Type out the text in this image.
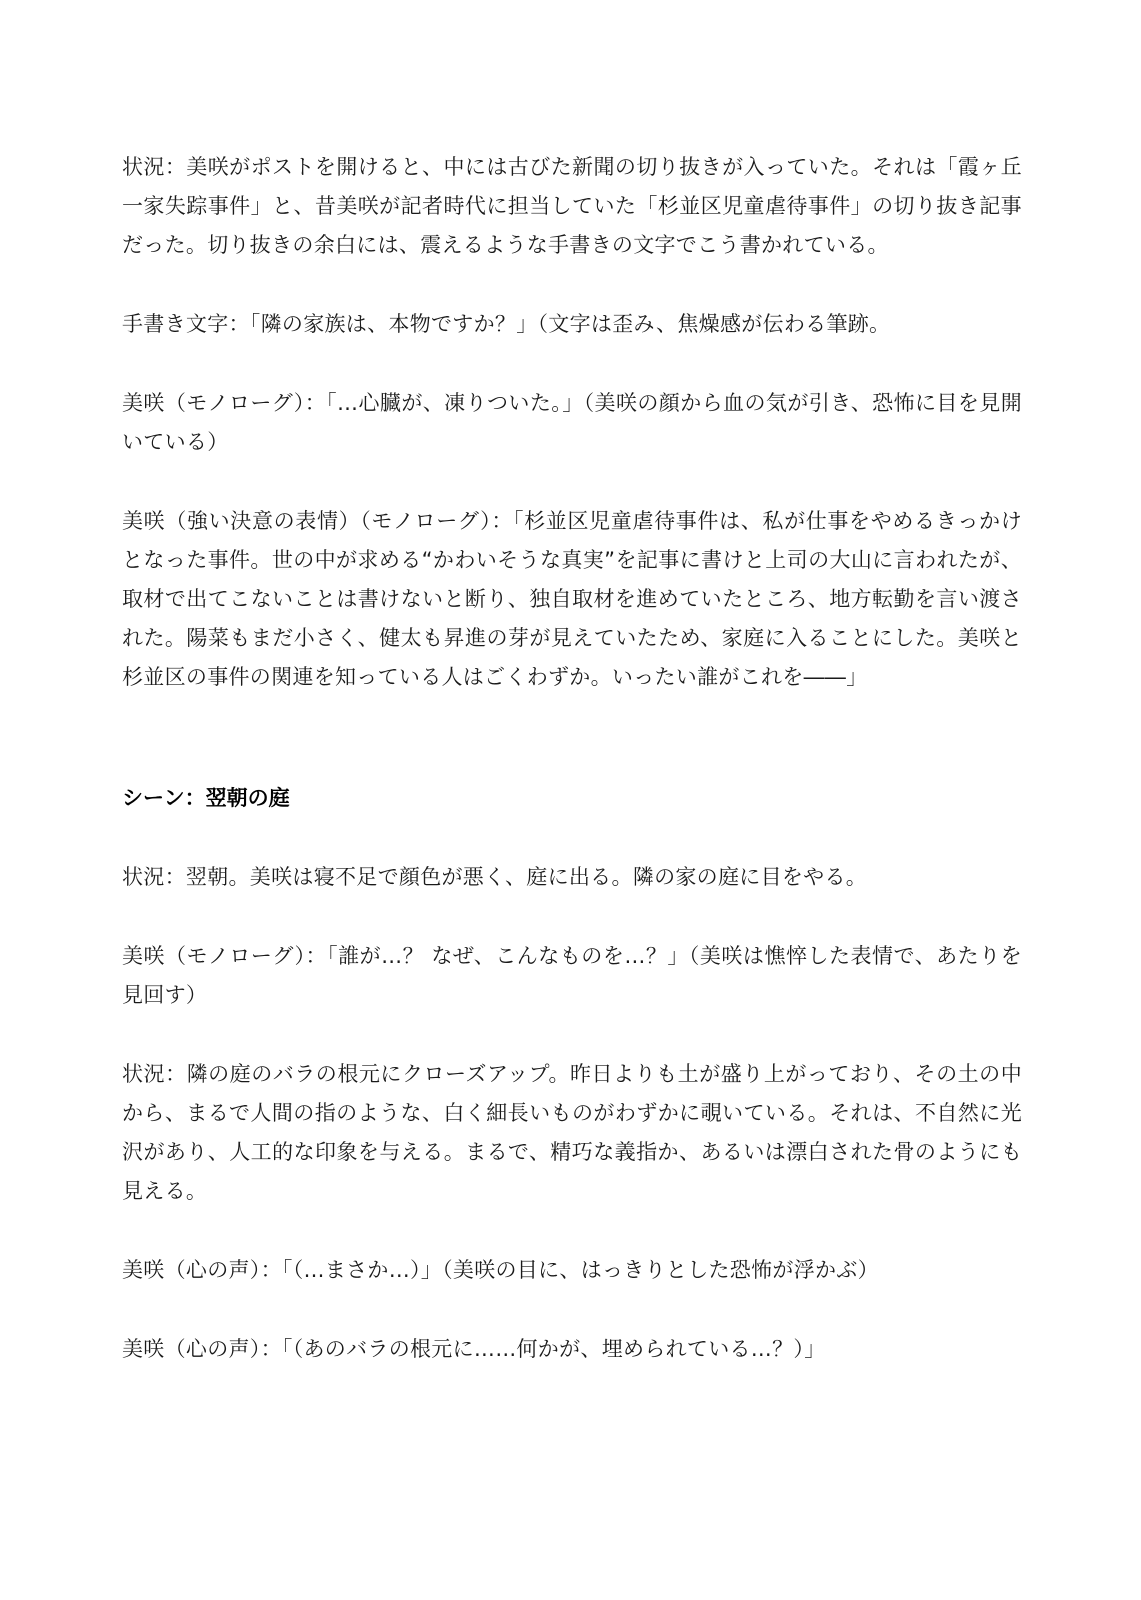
状況：美咲がポストを開けると、中には古びた新聞の切り抜きが入っていた。それは「霞ヶ丘一家失踪事件」と、昔美咲が記者時代に担当していた「杉並区児童虐待事件」の切り抜き記事だった。切り抜きの余白には、震えるような手書きの文字でこう書かれている。

手書き文字：「隣の家族は、本物ですか？」（文字は歪み、焦燥感が伝わる筆跡。

美咲（モノローグ）：「…心臓が、凍りついた。」（美咲の顔から血の気が引き、恐怖に目を見開いている）

美咲（強い決意の表情）（モノローグ）：「杉並区児童虐待事件は、私が仕事をやめるきっかけとなった事件。世の中が求める“かわいそうな真実”を記事に書けと上司の大山に言われたが、取材で出てこないことは書けないと断り、独自取材を進めていたところ、地方転勤を言い渡された。陽菜もまだ小さく、健太も昇進の芽が見えていたため、家庭に入ることにした。美咲と杉並区の事件の関連を知っている人はごくわずか。いったい誰がこれを――」

シーン：翌朝の庭

状況：翌朝。美咲は寝不足で顔色が悪く、庭に出る。隣の家の庭に目をやる。

美咲（モノローグ）：「誰が…？ なぜ、こんなものを…？」（美咲は憔悴した表情で、あたりを見回す）

状況：隣の庭のバラの根元にクローズアップ。昨日よりも土が盛り上がっており、その土の中から、まるで人間の指のような、白く細長いものがわずかに覗いている。それは、不自然に光沢があり、人工的な印象を与える。まるで、精巧な義指か、あるいは漂白された骨のようにも見える。

美咲（心の声）：「（…まさか…）」（美咲の目に、はっきりとした恐怖が浮かぶ）

美咲（心の声）：「（あのバラの根元に……何かが、埋められている…？）」
